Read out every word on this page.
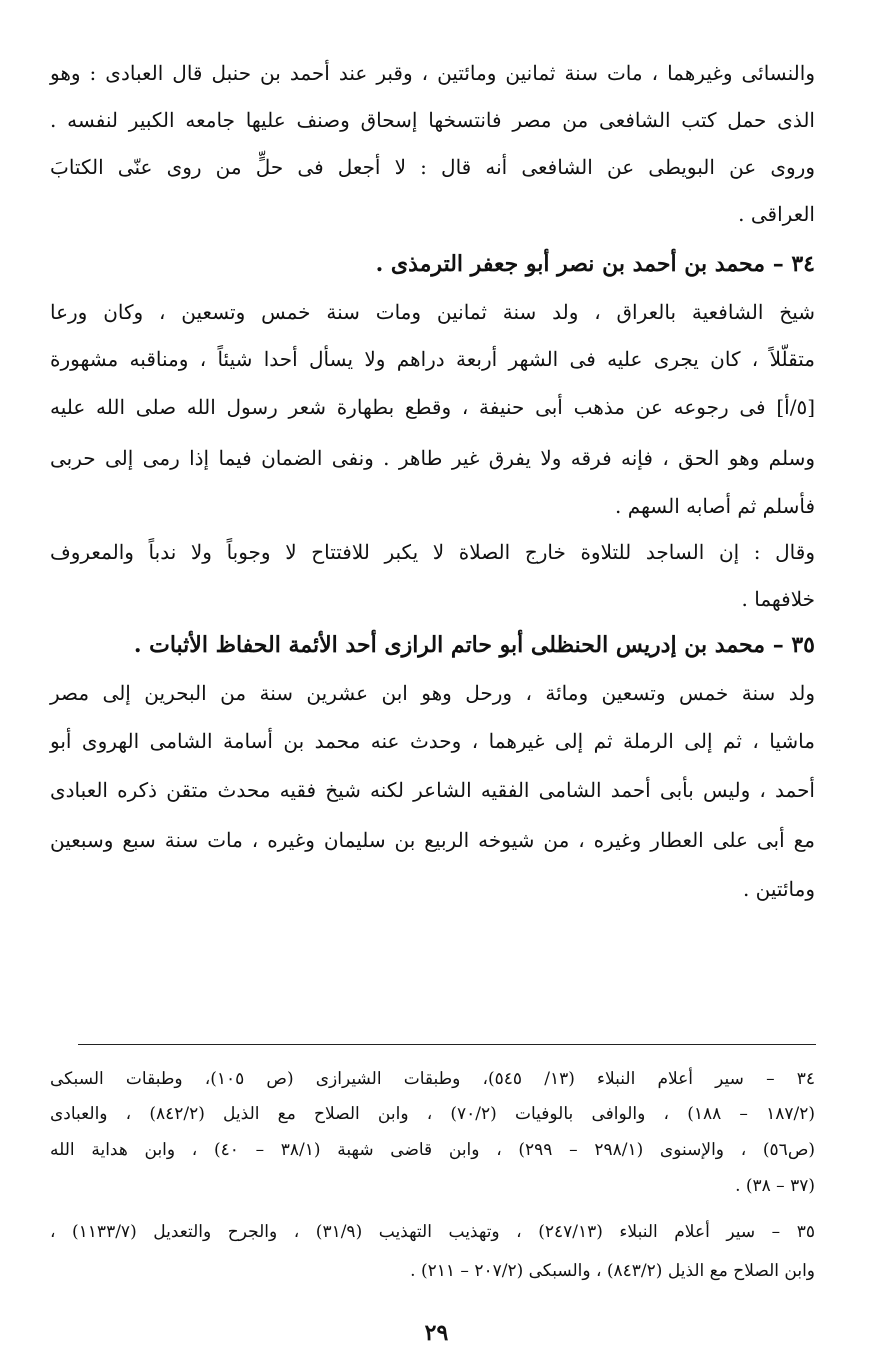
والنسائى وغيرهما ، مات سنة ثمانين ومائتين ، وقبر عند أحمد بن حنبل قال العبادى : وهو
الذى حمل كتب الشافعى من مصر فانتسخها إسحاق وصنف عليها جامعه الكبير لنفسه .
وروى عن البويطى عن الشافعى أنه قال : لا أجعل فى حلٍّ من روى عنّى الكتابَ
العراقى .
٣٤ – محمد بن أحمد بن نصر أبو جعفر الترمذى .
شيخ الشافعية بالعراق ، ولد سنة ثمانين ومات سنة خمس وتسعين ، وكان ورعا
متقلّلاً ، كان يجرى عليه فى الشهر أربعة دراهم ولا يسأل أحدا شيئاً ، ومناقبه مشهورة
[٥/أ] فى رجوعه عن مذهب أبى حنيفة ، وقطع بطهارة شعر رسول الله صلى الله عليه
وسلم وهو الحق ، فإنه فرقه ولا يفرق غير طاهر . ونفى الضمان فيما إذا رمى إلى حربى
فأسلم ثم أصابه السهم .
وقال : إن الساجد للتلاوة خارج الصلاة لا يكبر للافتتاح لا وجوباً ولا ندباً والمعروف
خلافهما .
٣٥ – محمد بن إدريس الحنظلى أبو حاتم الرازى أحد الأئمة الحفاظ الأثبات .
ولد سنة خمس وتسعين ومائة ، ورحل وهو ابن عشرين سنة من البحرين إلى مصر
ماشيا ، ثم إلى الرملة ثم إلى غيرهما ، وحدث عنه محمد بن أسامة الشامى الهروى أبو
أحمد ، وليس بأبى أحمد الشامى الفقيه الشاعر لكنه شيخ فقيه محدث متقن ذكره العبادى
مع أبى على العطار وغيره ، من شيوخه الربيع بن سليمان وغيره ، مات سنة سبع وسبعين
ومائتين .
٣٤ – سير أعلام النبلاء (١٣/ ٥٤٥)، وطبقات الشيرازى (ص ١٠٥)، وطبقات السبكى
(١٨٧/٢ – ١٨٨) ، والوافى بالوفيات (٧٠/٢) ، وابن الصلاح مع الذيل (٨٤٢/٢) ، والعبادى
(ص٥٦) ، والإسنوى (٢٩٨/١ – ٢٩٩) ، وابن قاضى شهبة (٣٨/١ – ٤٠) ، وابن هداية الله
(٣٧ – ٣٨) .
٣٥ – سير أعلام النبلاء (٢٤٧/١٣) ، وتهذيب التهذيب (٣١/٩) ، والجرح والتعديل (١١٣٣/٧) ،
وابن الصلاح مع الذيل (٨٤٣/٢) ، والسبكى (٢٠٧/٢ – ٢١١) .
٢٩
